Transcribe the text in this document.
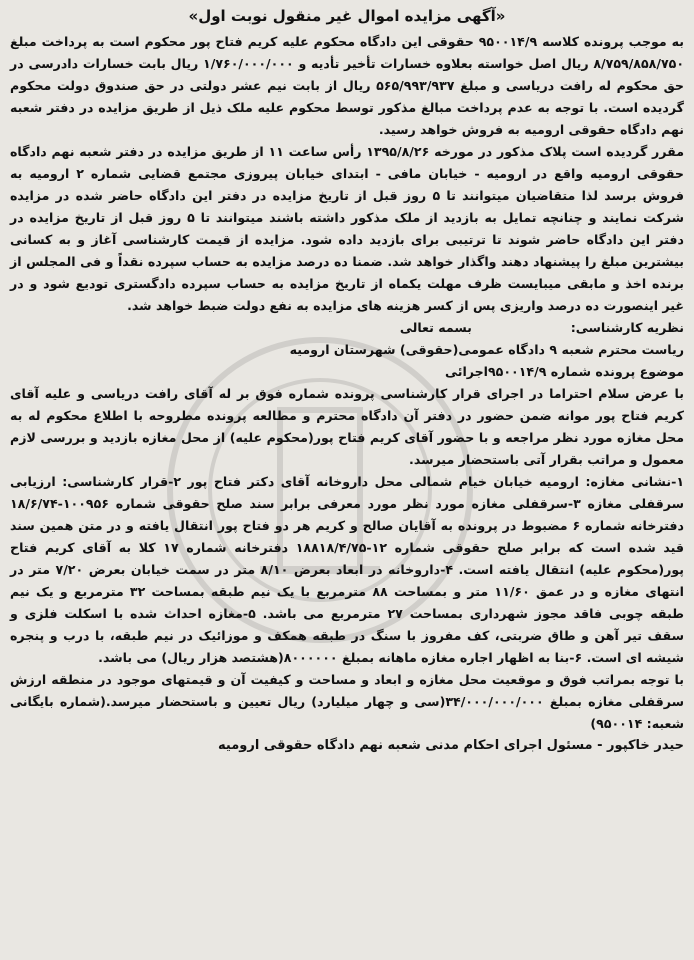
«آگهی مزایده اموال غیر منقول نوبت اول»

به موجب پرونده کلاسه ۹۵۰۰۱۴/۹ حقوقی این دادگاه محکوم علیه کریم فتاح پور محکوم است به پرداخت مبلغ ۸/۷۵۹/۸۵۸/۷۵۰ ریال اصل خواسته بعلاوه خسارات تأخیر تأدیه و ۱/۷۶۰/۰۰۰/۰۰۰ ریال بابت خسارات دادرسی در حق محکوم له رافت دریاسی و مبلغ ۵۶۵/۹۹۳/۹۳۷ ریال از بابت نیم عشر دولتی در حق صندوق دولت محکوم گردیده است. با توجه به عدم پرداخت مبالغ مذکور توسط محکوم علیه ملک ذیل از طریق مزایده در دفتر شعبه نهم دادگاه حقوقی ارومیه به فروش خواهد رسید.

مقرر گردیده است پلاک مذکور در مورخه ۱۳۹۵/۸/۲۶ رأس ساعت ۱۱ از طریق مزایده در دفتر شعبه نهم دادگاه حقوقی ارومیه واقع در ارومیه - خیابان مافی - ابتدای خیابان پیروزی مجتمع قضایی شماره ۲ ارومیه به فروش برسد لذا متقاضیان میتوانند تا ۵ روز قبل از تاریخ مزایده در دفتر این دادگاه حاضر شده در مزایده شرکت نمایند و چنانچه تمایل به بازدید از ملک مذکور داشته باشند میتوانند تا ۵ روز قبل از تاریخ مزایده در دفتر این دادگاه حاضر شوند تا ترتیبی برای بازدید داده شود. مزایده از قیمت کارشناسی آغاز و به کسانی بیشترین مبلغ را پیشنهاد دهند واگذار خواهد شد. ضمنا ده درصد مزایده به حساب سپرده نقداً و فی المجلس از برنده اخذ و مابقی میبایست ظرف مهلت یکماه از تاریخ مزایده به حساب سپرده دادگستری تودیع شود و در غیر اینصورت ده درصد واریزی پس از کسر هزینه های مزایده به نفع دولت ضبط خواهد شد.

نظریه کارشناسی:  بسمه تعالی

ریاست محترم شعبه ۹ دادگاه عمومی(حقوقی) شهرستان ارومیه

موضوع پرونده شماره ۹۵۰۰۱۴/۹اجرائی

با عرض سلام احتراما در اجرای قرار کارشناسی پرونده شماره فوق بر له آقای رافت دریاسی و علیه آقای کریم فتاح پور موانه ضمن حضور در دفتر آن دادگاه محترم و مطالعه پرونده مطروحه با اطلاع محکوم له به محل مغازه مورد نظر مراجعه و با حضور آقای کریم فتاح پور(محکوم علیه) از محل مغازه بازدید و بررسی لازم معمول و مراتب بقرار آتی باستحضار میرسد.

۱-نشانی مغازه: ارومیه خیابان خیام شمالی محل داروخانه آقای دکتر فتاح پور ۲-قرار کارشناسی: ارزیابی سرقفلی مغازه ۳-سرقفلی مغازه مورد نظر مورد معرفی برابر سند صلح حقوقی شماره ۱۰۰۹۵۶-۱۸/۶/۷۴ دفترخانه شماره ۶ مضبوط در پرونده به آقایان صالح و کریم هر دو فتاح پور انتقال یافته و در متن همین سند قید شده است که برابر صلح حقوقی شماره ۱۲-۱۸۸۱۸/۴/۷۵ دفترخانه شماره ۱۷ کلا به آقای کریم فتاح پور(محکوم علیه) انتقال یافته است. ۴-داروخانه در ابعاد بعرض ۸/۱۰ متر در سمت خیابان بعرض ۷/۲۰ متر در انتهای مغازه و در عمق ۱۱/۶۰ متر و بمساحت ۸۸ مترمربع با یک نیم طبقه بمساحت ۳۲ مترمربع و یک نیم طبقه چوبی فاقد مجوز شهرداری بمساحت ۲۷ مترمربع می باشد. ۵-مغازه احداث شده با اسکلت فلزی و سقف تیر آهن و طاق ضربتی، کف مفروز با سنگ در طبقه همکف و موزائیک در نیم طبقه، با درب و پنجره شیشه ای است. ۶-بنا به اظهار اجاره مغازه ماهانه بمبلغ ۸۰۰۰۰۰۰(هشتصد هزار ریال) می باشد.

با توجه بمراتب فوق و موقعیت محل مغازه و ابعاد و مساحت و کیفیت آن و قیمتهای موجود در منطقه ارزش سرقفلی مغازه بمبلغ ۳۴/۰۰۰/۰۰۰/۰۰۰(سی و چهار میلیارد) ریال تعیین و باستحضار میرسد.(شماره بایگانی شعبه: ۹۵۰۰۱۴)

حیدر خاکپور - مسئول اجرای احکام مدنی شعبه نهم دادگاه حقوقی ارومیه
